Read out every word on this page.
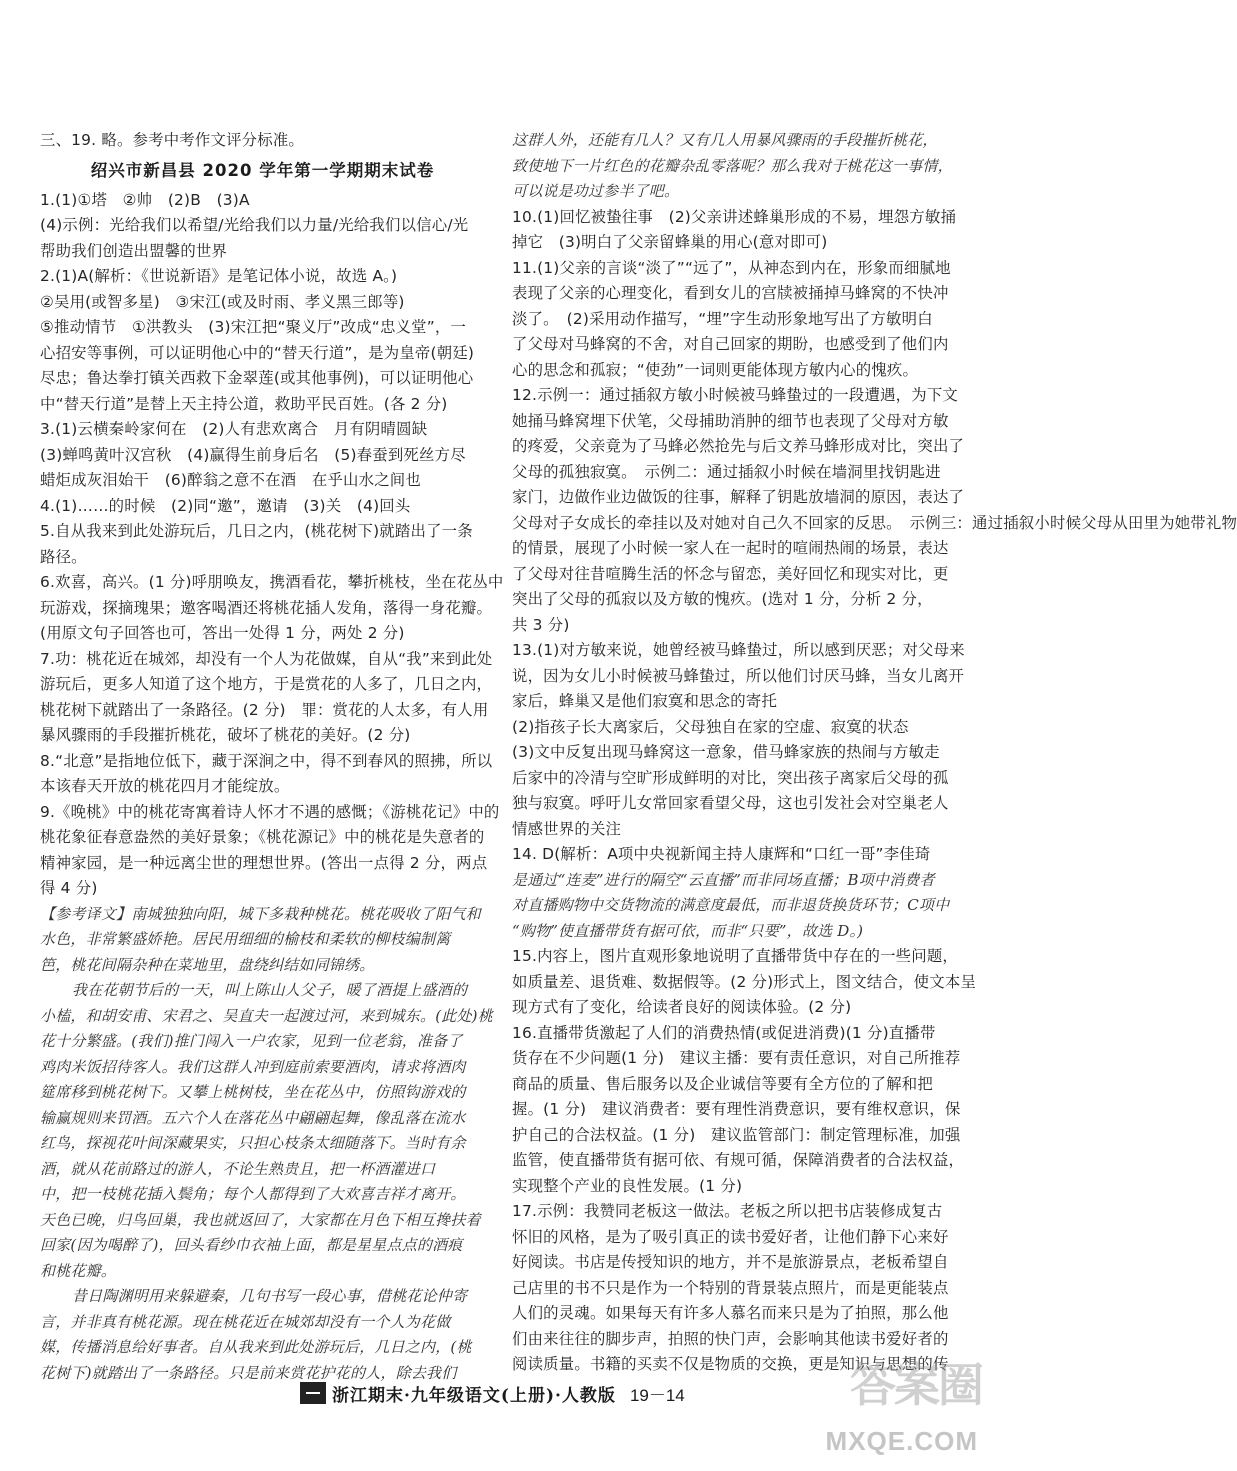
三、19. 略。参考中考作文评分标准。
绍兴市新昌县 2020 学年第一学期期末试卷
1.(1)①塔　②帅　(2)B　(3)A
(4)示例：光给我们以希望/光给我们以力量/光给我们以信心/光
帮助我们创造出盟馨的世界
2.(1)A(解析：《世说新语》是笔记体小说，故选 A。)
②吴用(或智多星)　③宋江(或及时雨、孝义黑三郎等)
⑤推动情节　①洪教头　(3)宋江把“聚义厅”改成“忠义堂”，一
心招安等事例，可以证明他心中的“替天行道”，是为皇帝(朝廷)
尽忠；鲁达拳打镇关西救下金翠莲(或其他事例)，可以证明他心
中“替天行道”是替上天主持公道，救助平民百姓。(各 2 分)
3.(1)云横秦岭家何在　(2)人有悲欢离合　月有阴晴圆缺
(3)蝉鸣黄叶汉宫秋　(4)赢得生前身后名　(5)春蚕到死丝方尽
蜡炬成灰泪始干　(6)醉翁之意不在酒　在乎山水之间也
4.(1)……的时候　(2)同“邀”，邀请　(3)关　(4)回头
5.自从我来到此处游玩后，几日之内，(桃花树下)就踏出了一条
路径。
6.欢喜，高兴。(1 分)呼朋唤友，携酒看花，攀折桃枝，坐在花丛中
玩游戏，探摘瑰果；邀客喝酒还将桃花插人发角，落得一身花瓣。
(用原文句子回答也可，答出一处得 1 分，两处 2 分)
7.功：桃花近在城郊，却没有一个人为花做媒，自从“我”来到此处
游玩后，更多人知道了这个地方，于是赏花的人多了，几日之内，
桃花树下就踏出了一条路径。(2 分)　罪：赏花的人太多，有人用
暴风骤雨的手段摧折桃花，破坏了桃花的美好。(2 分)
8.“北意”是指地位低下，藏于深涧之中，得不到春风的照拂，所以
本该春天开放的桃花四月才能绽放。
9.《晚桃》中的桃花寄寓着诗人怀才不遇的感慨；《游桃花记》中的
桃花象征春意盎然的美好景象；《桃花源记》中的桃花是失意者的
精神家园，是一种远离尘世的理想世界。(答出一点得 2 分，两点
得 4 分)
【参考译文】南城独独向阳，城下多栽种桃花。桃花吸收了阳气和
水色，非常繁盛娇艳。居民用细细的榆枝和柔软的柳枝编制篱
笆，桃花间隔杂种在菜地里，盘绕纠结如同锦绣。
我在花朝节后的一天，叫上陈山人父子，暖了酒提上盛酒的
小榼，和胡安甫、宋君之、吴直夫一起渡过河，来到城东。(此处)桃
花十分繁盛。(我们)推门闯入一户农家，见到一位老翁，准备了
鸡肉米饭招待客人。我们这群人冲到庭前索要酒肉，请求将酒肉
筵席移到桃花树下。又攀上桃树枝，坐在花丛中，仿照钩游戏的
输赢规则来罚酒。五六个人在落花丛中翩翩起舞，像乱落在流水
红鸟，探视花叶间深藏果实，只担心枝条太细随落下。当时有余
酒，就从花前路过的游人，不论生熟贵且，把一杯酒灌进口
中，把一枝桃花插入鬓角；每个人都得到了大欢喜吉祥才离开。
天色已晚，归鸟回巢，我也就返回了，大家都在月色下相互搀扶着
回家(因为喝醉了)，回头看纱巾衣袖上面，都是星星点点的酒痕
和桃花瓣。
昔日陶渊明用来躲避秦，几句书写一段心事，借桃花论仲寄
言，并非真有桃花源。现在桃花近在城郊却没有一个人为花做
媒，传播消息给好事者。自从我来到此处游玩后，几日之内，(桃
花树下)就踏出了一条路径。只是前来赏花护花的人，除去我们
这群人外，还能有几人？又有几人用暴风骤雨的手段摧折桃花，
致使地下一片红色的花瓣杂乱零落呢？那么我对于桃花这一事情，
可以说是功过参半了吧。
10.(1)回忆被蛰往事　(2)父亲讲述蜂巢形成的不易，埋怨方敏捅
掉它　(3)明白了父亲留蜂巢的用心(意对即可)
11.(1)父亲的言谈“淡了”“远了”，从神态到内在，形象而细腻地
表现了父亲的心理变化，看到女儿的宫牍被捅掉马蜂窝的不快冲
淡了。　(2)采用动作描写，“埋”字生动形象地写出了方敏明白
了父母对马蜂窝的不舍，对自己回家的期盼，也感受到了他们内
心的思念和孤寂；“使劲”一词则更能体现方敏内心的愧疚。
12.示例一：通过插叙方敏小时候被马蜂蛰过的一段遭遇，为下文
她捅马蜂窝埋下伏笔，父母捕助消肿的细节也表现了父母对方敏
的疼爱，父亲竟为了马蜂必然抢先与后文养马蜂形成对比，突出了
父母的孤独寂寞。　示例二：通过插叙小时候在墙洞里找钥匙进
家门，边做作业边做饭的往事，解释了钥匙放墙洞的原因，表达了
父母对子女成长的牵挂以及对她对自己久不回家的反思。　示例三：通过插叙小时候父母从田里为她带礼物
的情景，展现了小时候一家人在一起时的喧闹热闹的场景，表达
了父母对往昔喧腾生活的怀念与留恋，美好回忆和现实对比，更
突出了父母的孤寂以及方敏的愧疚。(选对 1 分，分析 2 分，
共 3 分)
13.(1)对方敏来说，她曾经被马蜂蛰过，所以感到厌恶；对父母来
说，因为女儿小时候被马蜂蛰过，所以他们讨厌马蜂，当女儿离开
家后，蜂巢又是他们寂寞和思念的寄托
(2)指孩子长大离家后，父母独自在家的空虚、寂寞的状态
(3)文中反复出现马蜂窝这一意象，借马蜂家族的热闹与方敏走
后家中的冷清与空旷形成鲜明的对比，突出孩子离家后父母的孤
独与寂寞。呼吁儿女常回家看望父母，这也引发社会对空巢老人
情感世界的关注
14. D(解析：A项中央视新闻主持人康辉和“口红一哥”李佳琦
是通过“连麦”进行的隔空“云直播”而非同场直播；B项中消费者
对直播购物中交货物流的满意度最低，而非退货换货环节；C项中
“购物”使直播带货有据可依，而非“只要”，故选 D。)
15.内容上，图片直观形象地说明了直播带货中存在的一些问题，
如质量差、退货难、数据假等。(2 分)形式上，图文结合，使文本呈
现方式有了变化，给读者良好的阅读体验。(2 分)
16.直播带货激起了人们的消费热情(或促进消费)(1 分)直播带
货存在不少问题(1 分)　建议主播：要有责任意识，对自己所推荐
商品的质量、售后服务以及企业诚信等要有全方位的了解和把
握。(1 分)　建议消费者：要有理性消费意识，要有维权意识，保
护自己的合法权益。(1 分)　建议监管部门：制定管理标准，加强
监管，使直播带货有据可依、有规可循，保障消费者的合法权益，
实现整个产业的良性发展。(1 分)
17.示例：我赞同老板这一做法。老板之所以把书店装修成复古
怀旧的风格，是为了吸引真正的读书爱好者，让他们静下心来好
好阅读。书店是传授知识的地方，并不是旅游景点，老板希望自
己店里的书不只是作为一个特别的背景装点照片，而是更能装点
人们的灵魂。如果每天有许多人慕名而来只是为了拍照，那么他
们由来往往的脚步声，拍照的快门声，会影响其他读书爱好者的
阅读质量。书籍的买卖不仅是物质的交换，更是知识与思想的传
浙江期末·九年级语文(上册)·人教版 19－14	答案圈
MXQE.COM
